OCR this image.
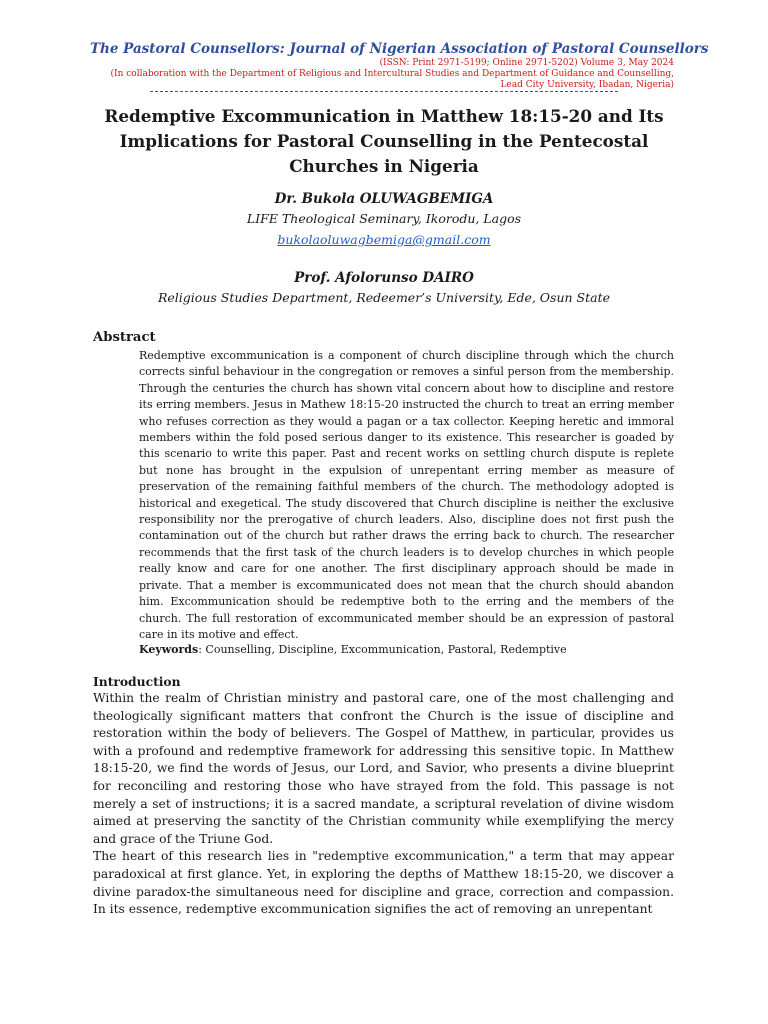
The Pastoral Counsellors: Journal of Nigerian Association of Pastoral Counsellors
(ISSN: Print 2971-5199; Online 2971-5202) Volume 3, May 2024
(In collaboration with the Department of Religious and Intercultural Studies and Department of Guidance and Counselling,
Lead City University, Ibadan, Nigeria)
Redemptive Excommunication in Matthew 18:15-20 and Its Implications for Pastoral Counselling in the Pentecostal Churches in Nigeria
Dr. Bukola OLUWAGBEMIGA
LIFE Theological Seminary, Ikorodu, Lagos
bukolaoluwagbemiga@gmail.com
Prof. Afolorunso DAIRO
Religious Studies Department, Redeemer’s University, Ede, Osun State
Abstract

Redemptive excommunication is a component of church discipline through which the church corrects sinful behaviour in the congregation or removes a sinful person from the membership. Through the centuries the church has shown vital concern about how to discipline and restore its erring members. Jesus in Mathew 18:15-20 instructed the church to treat an erring member who refuses correction as they would a pagan or a tax collector. Keeping heretic and immoral members within the fold posed serious danger to its existence. This researcher is goaded by this scenario to write this paper. Past and recent works on settling church dispute is replete but none has brought in the expulsion of unrepentant erring member as measure of preservation of the remaining faithful members of the church. The methodology adopted is historical and exegetical. The study discovered that Church discipline is neither the exclusive responsibility nor the prerogative of church leaders. Also, discipline does not first push the contamination out of the church but rather draws the erring back to church. The researcher recommends that the first task of the church leaders is to develop churches in which people really know and care for one another. The first disciplinary approach should be made in private. That a member is excommunicated does not mean that the church should abandon him. Excommunication should be redemptive both to the erring and the members of the church. The full restoration of excommunicated member should be an expression of pastoral care in its motive and effect.

Keywords: Counselling, Discipline, Excommunication, Pastoral, Redemptive
Introduction

Within the realm of Christian ministry and pastoral care, one of the most challenging and theologically significant matters that confront the Church is the issue of discipline and restoration within the body of believers. The Gospel of Matthew, in particular, provides us with a profound and redemptive framework for addressing this sensitive topic. In Matthew 18:15-20, we find the words of Jesus, our Lord, and Savior, who presents a divine blueprint for reconciling and restoring those who have strayed from the fold. This passage is not merely a set of instructions; it is a sacred mandate, a scriptural revelation of divine wisdom aimed at preserving the sanctity of the Christian community while exemplifying the mercy and grace of the Triune God.

The heart of this research lies in "redemptive excommunication," a term that may appear paradoxical at first glance. Yet, in exploring the depths of Matthew 18:15-20, we discover a divine paradox-the simultaneous need for discipline and grace, correction and compassion. In its essence, redemptive excommunication signifies the act of removing an unrepentant
